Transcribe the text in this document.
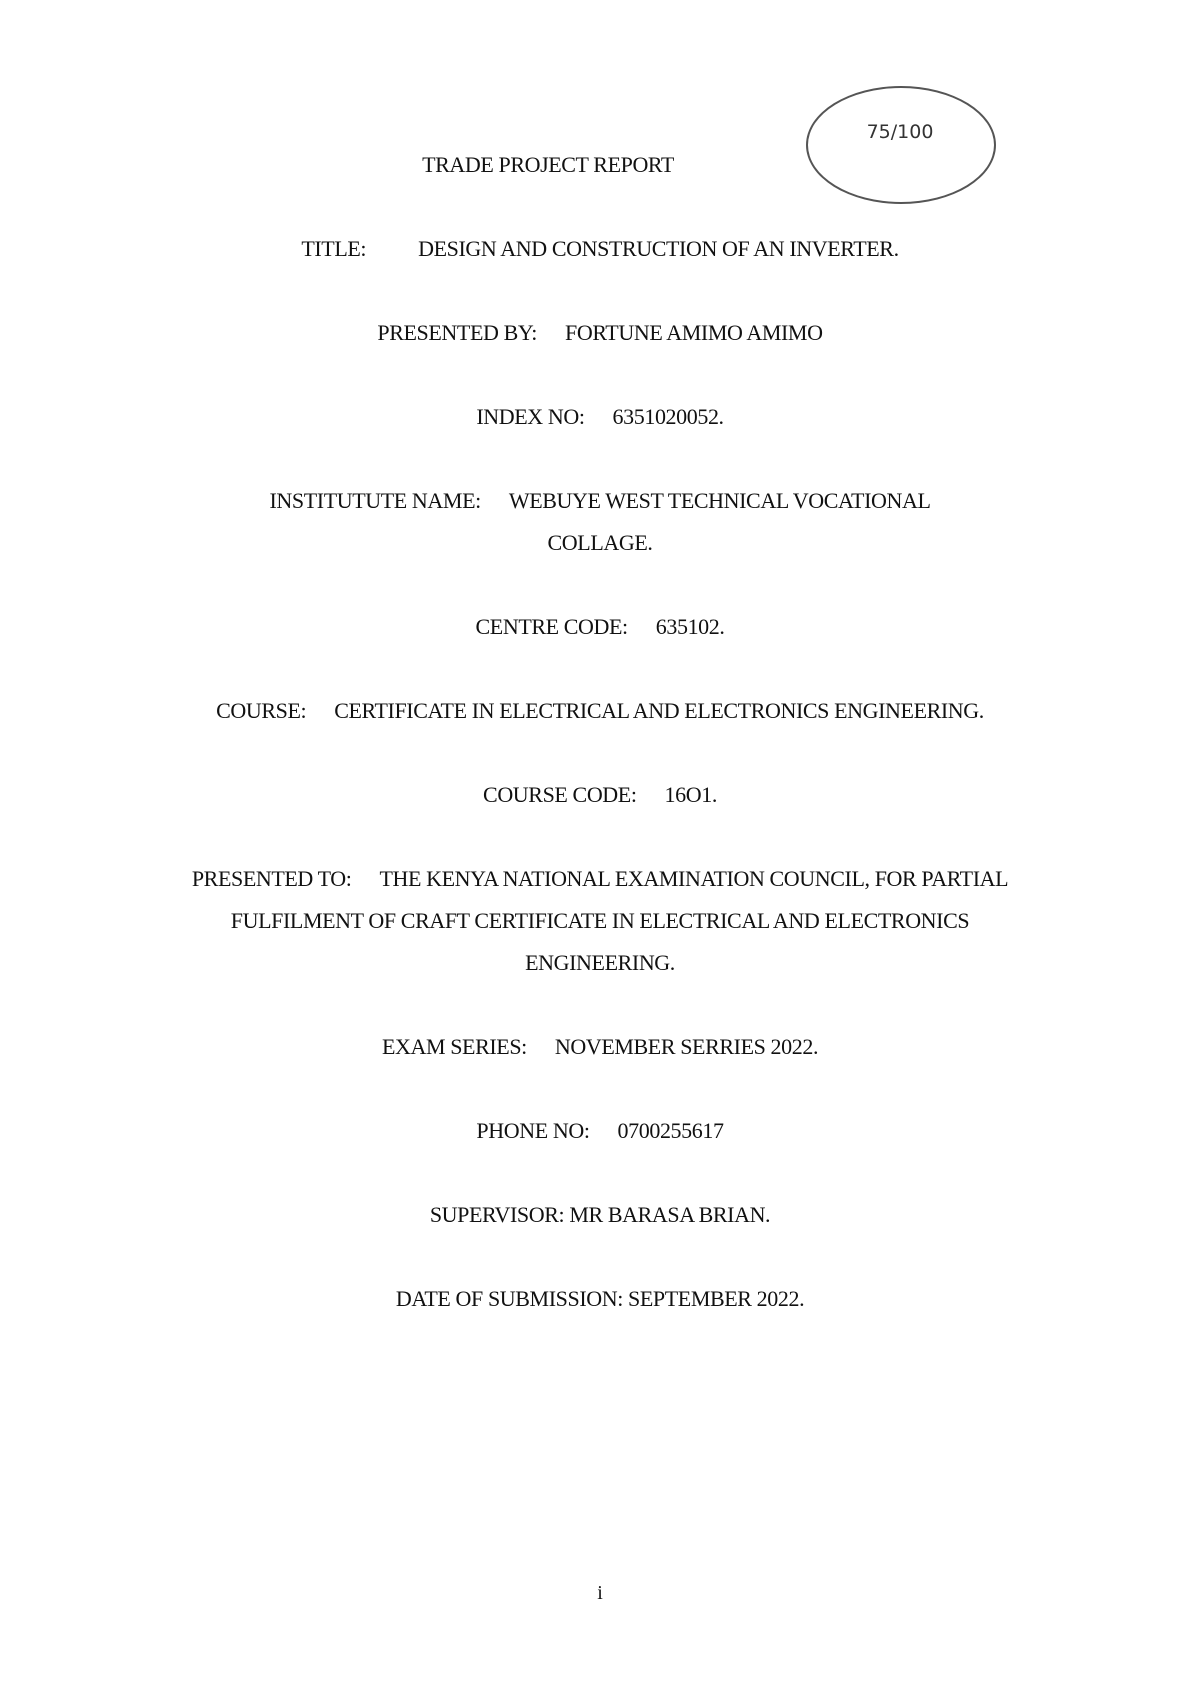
75/100
TRADE PROJECT REPORT
TITLE: DESIGN AND CONSTRUCTION OF AN INVERTER.
PRESENTED BY: FORTUNE AMIMO AMIMO
INDEX NO: 6351020052.
INSTITUTUTE NAME: WEBUYE WEST TECHNICAL VOCATIONAL
COLLAGE.
CENTRE CODE: 635102.
COURSE: CERTIFICATE IN ELECTRICAL AND ELECTRONICS ENGINEERING.
COURSE CODE: 16O1.
PRESENTED TO: THE KENYA NATIONAL EXAMINATION COUNCIL, FOR PARTIAL
FULFILMENT OF CRAFT CERTIFICATE IN ELECTRICAL AND ELECTRONICS
ENGINEERING.
EXAM SERIES: NOVEMBER SERRIES 2022.
PHONE NO: 0700255617
SUPERVISOR: MR BARASA BRIAN.
DATE OF SUBMISSION: SEPTEMBER 2022.
i
